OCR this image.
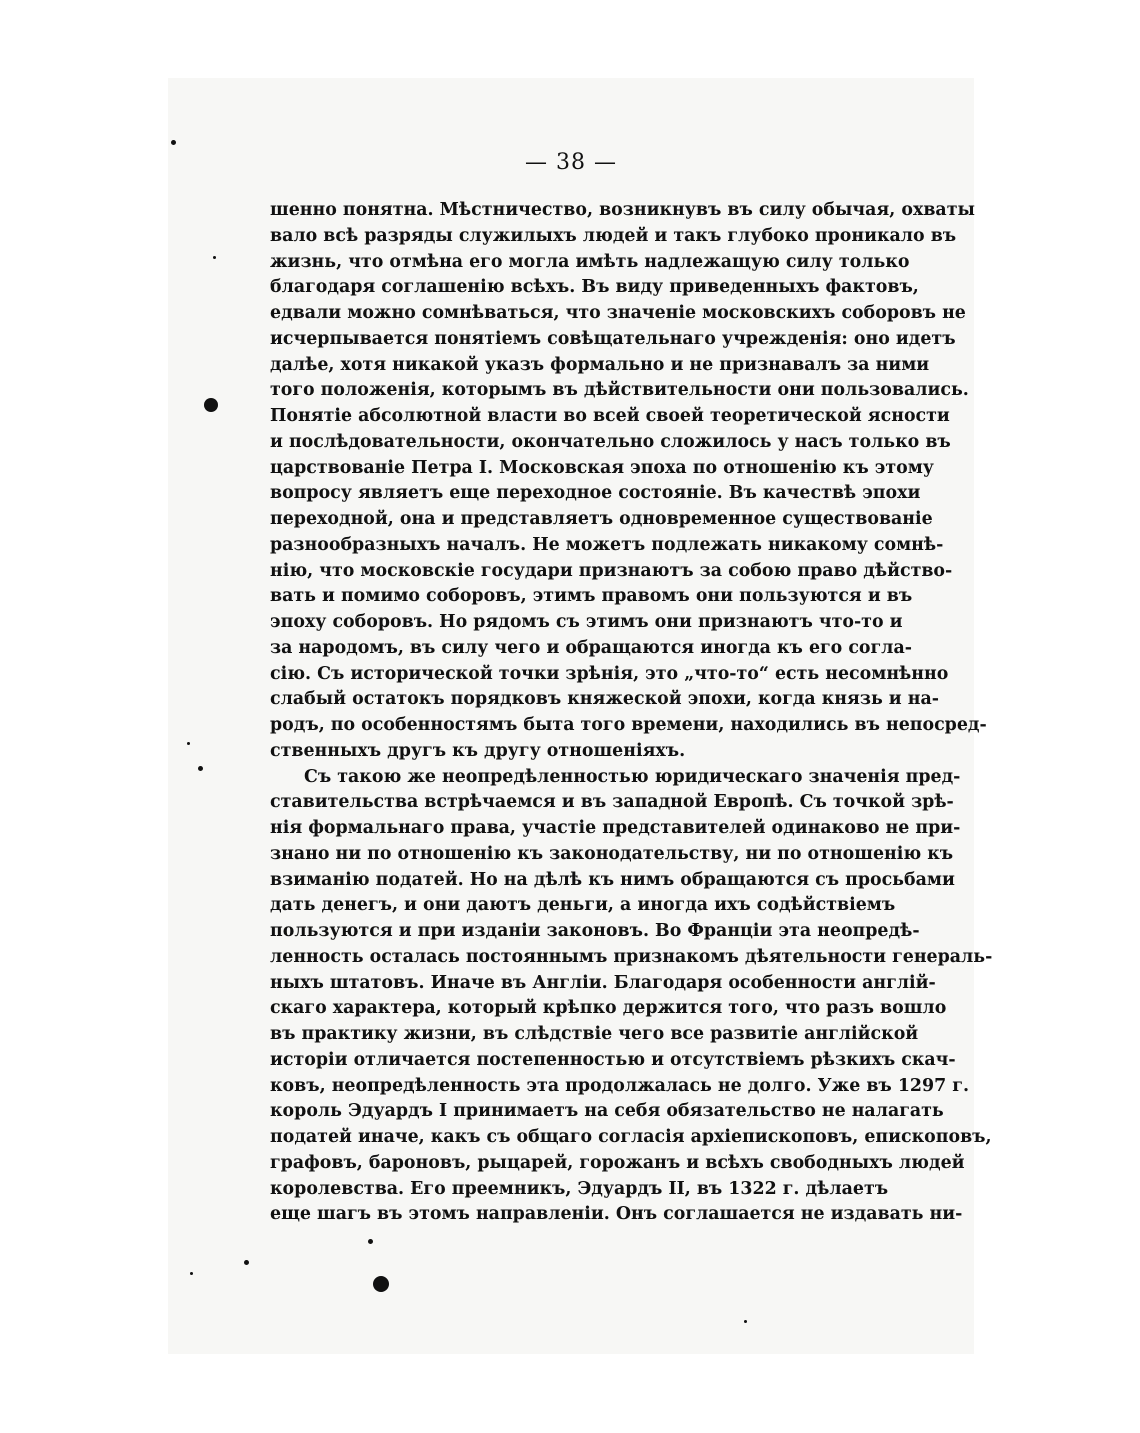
— 38 —
шенно понятна. Мѣстничество, возникнувъ въ силу обычая, охваты
вало всѣ разряды служилыхъ людей и такъ глубоко проникало въ
жизнь, что отмѣна его могла имѣть надлежащую силу только
благодаря соглашенію всѣхъ. Въ виду приведенныхъ фактовъ,
едвали можно сомнѣваться, что значеніе московскихъ соборовъ не
исчерпывается понятіемъ совѣщательнаго учрежденія: оно идетъ
далѣе, хотя никакой указъ формально и не признавалъ за ними
того положенія, которымъ въ дѣйствительности они пользовались.
Понятіе абсолютной власти во всей своей теоретической ясности
и послѣдовательности, окончательно сложилось у насъ только въ
царствованіе Петра I. Московская эпоха по отношенію къ этому
вопросу являетъ еще переходное состояніе. Въ качествѣ эпохи
переходной, она и представляетъ одновременное существованіе
разнообразныхъ началъ. Не можетъ подлежать никакому сомнѣ-
нію, что московскіе государи признаютъ за собою право дѣйство-
вать и помимо соборовъ, этимъ правомъ они пользуются и въ
эпоху соборовъ. Но рядомъ съ этимъ они признаютъ что-то и
за народомъ, въ силу чего и обращаются иногда къ его согла-
сію. Съ исторической точки зрѣнія, это „что-то“ есть несомнѣнно
слабый остатокъ порядковъ княжеской эпохи, когда князь и на-
родъ, по особенностямъ быта того времени, находились въ непосред-
ственныхъ другъ къ другу отношеніяхъ.
Съ такою же неопредѣленностью юридическаго значенія пред-
ставительства встрѣчаемся и въ западной Европѣ. Съ точкой зрѣ-
нія формальнаго права, участіе представителей одинаково не при-
знано ни по отношенію къ законодательству, ни по отношенію къ
взиманію податей. Но на дѣлѣ къ нимъ обращаются съ просьбами
дать денегъ, и они даютъ деньги, а иногда ихъ содѣйствіемъ
пользуются и при изданіи законовъ. Во Франціи эта неопредѣ-
ленность осталась постояннымъ признакомъ дѣятельности генераль-
ныхъ штатовъ. Иначе въ Англіи. Благодаря особенности англій-
скаго характера, который крѣпко держится того, что разъ вошло
въ практику жизни, въ слѣдствіе чего все развитіе англійской
исторіи отличается постепенностью и отсутствіемъ рѣзкихъ скач-
ковъ, неопредѣленность эта продолжалась не долго. Уже въ 1297 г.
король Эдуардъ I принимаетъ на себя обязательство не налагать
податей иначе, какъ съ общаго согласія архіепископовъ, епископовъ,
графовъ, бароновъ, рыцарей, горожанъ и всѣхъ свободныхъ людей
королевства. Его преемникъ, Эдуардъ II, въ 1322 г. дѣлаетъ
еще шагъ въ этомъ направленіи. Онъ соглашается не издавать ни-
